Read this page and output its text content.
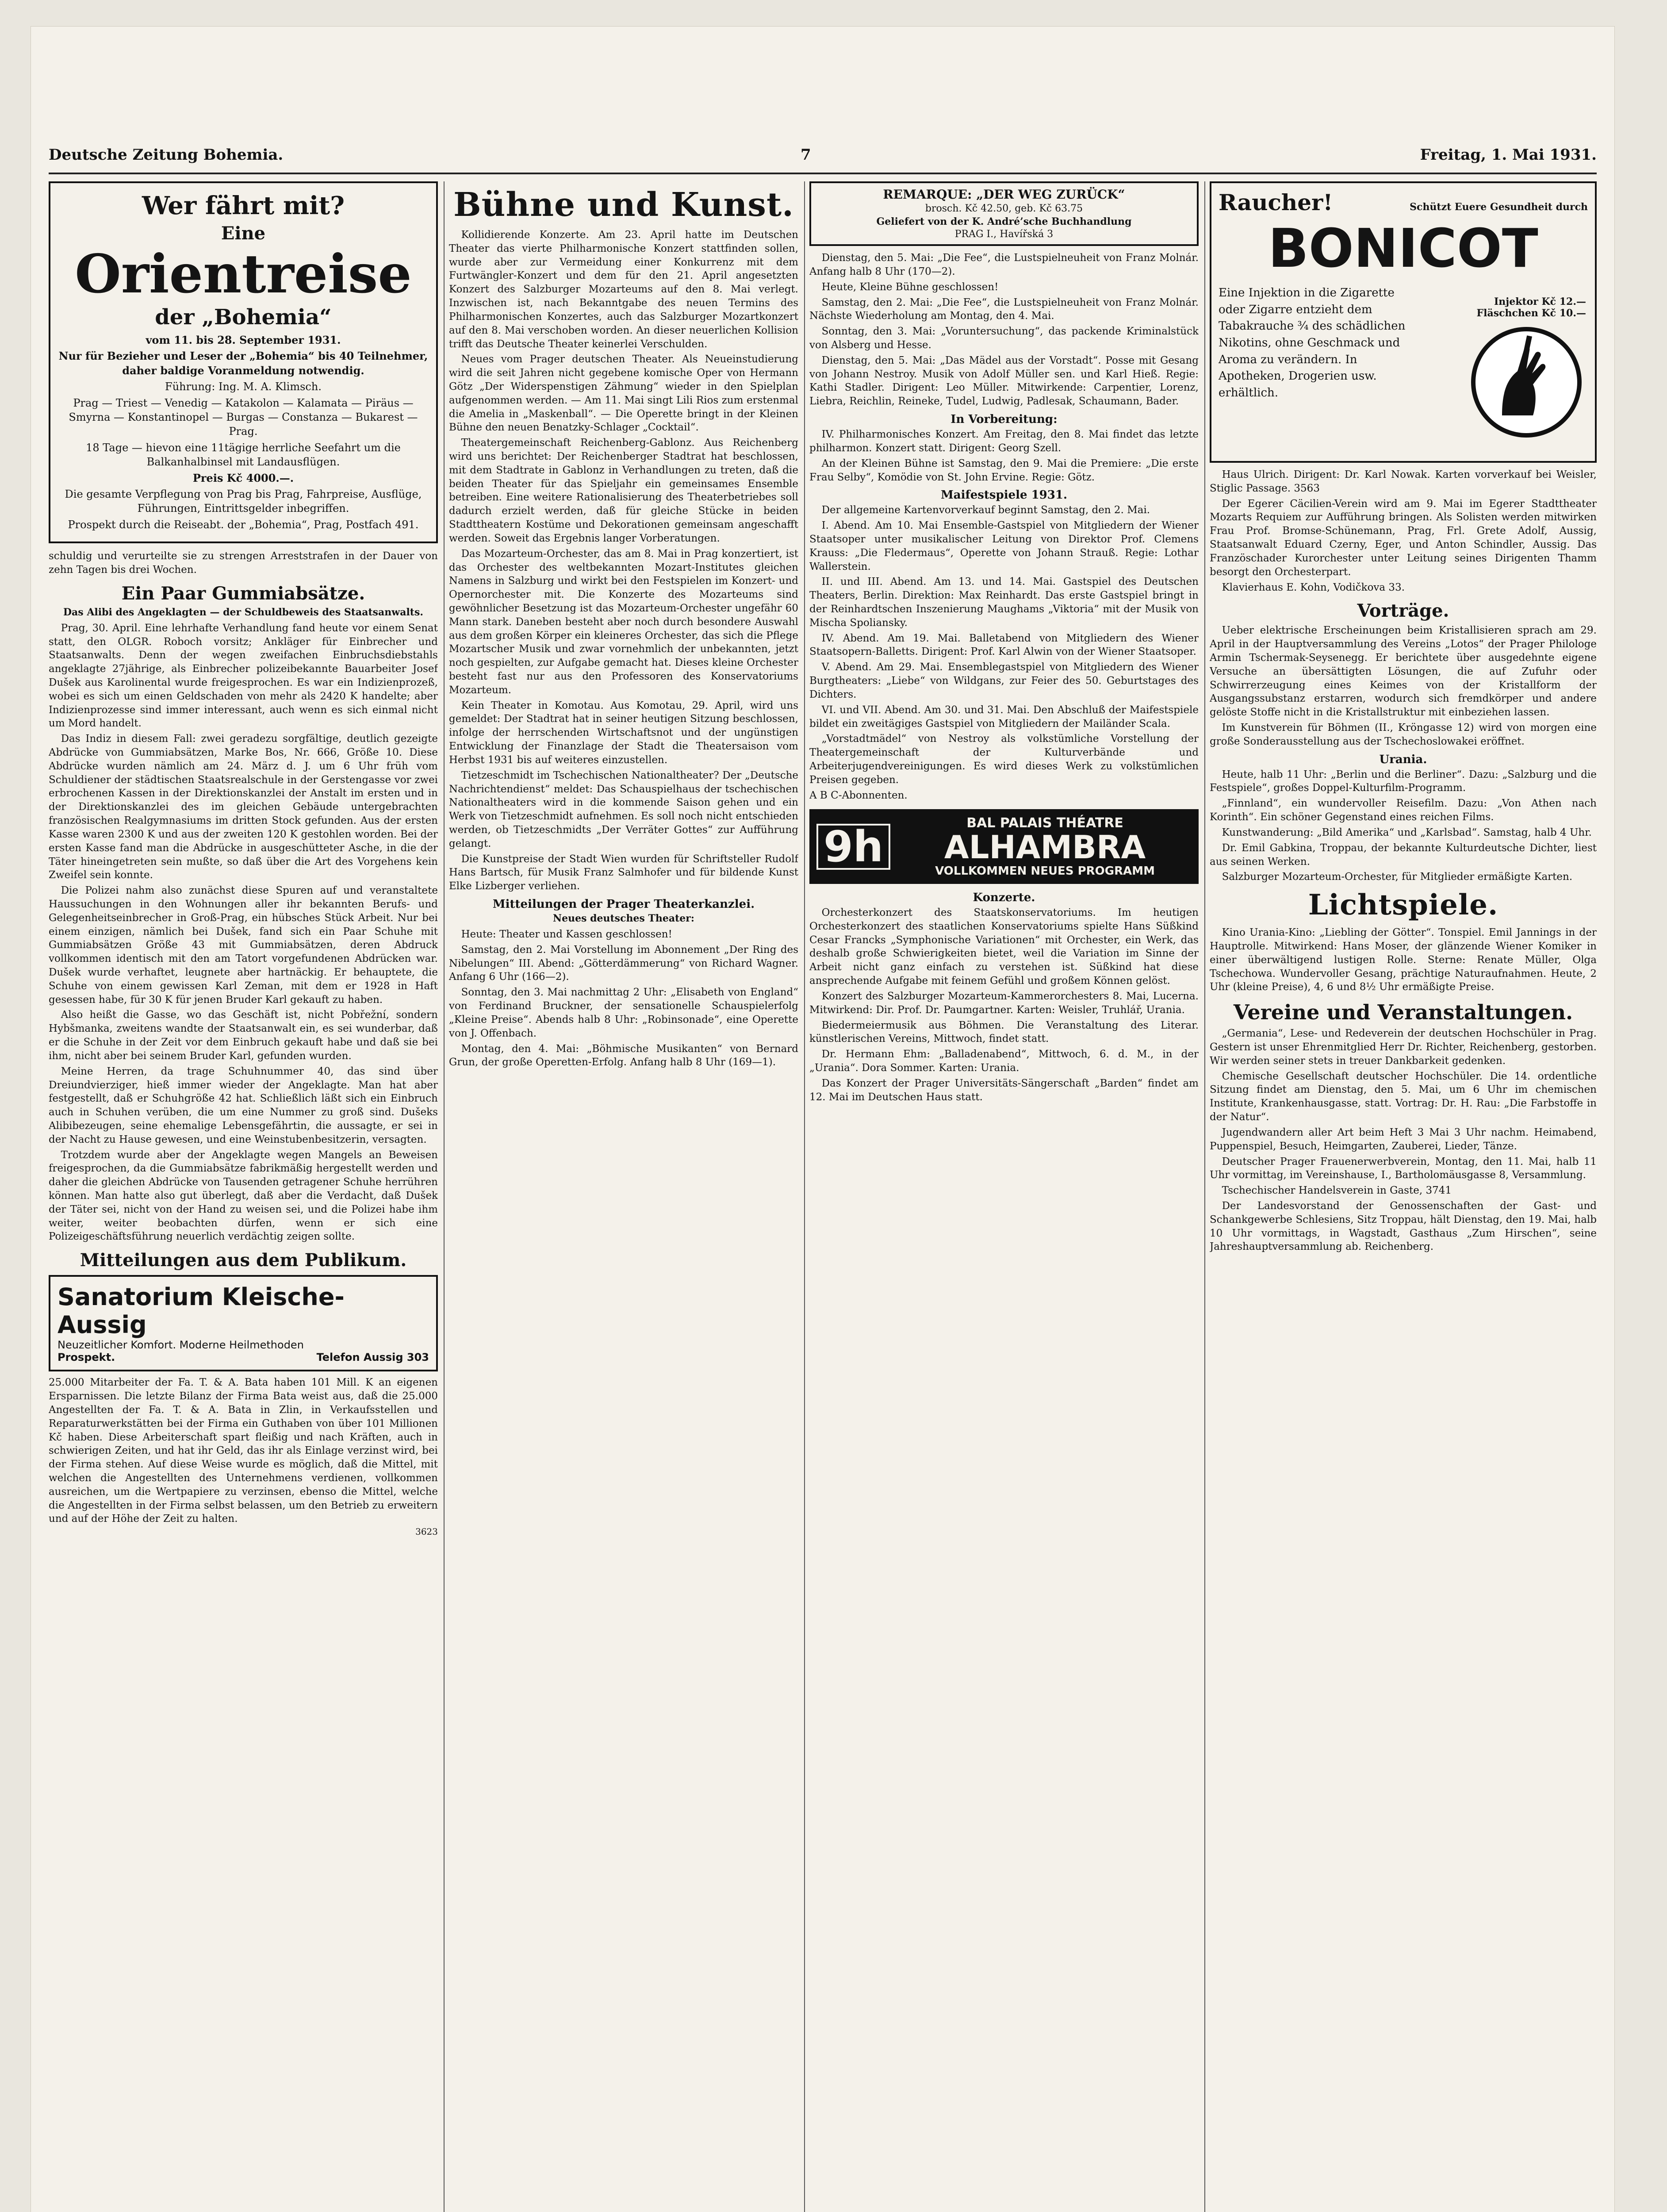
Deutsche Zeitung Bohemia.	7	Freitag, 1. Mai 1931.
Wer fährt mit?
Eine
Orientreise
der „Bohemia“
vom 11. bis 28. September 1931.
Nur für Bezieher und Leser der „Bohemia“ bis 40 Teilnehmer, daher baldige Voranmeldung notwendig.
Führung: Ing. M. A. Klimsch.
Prag — Triest — Venedig — Katakolon — Kalamata — Piräus — Smyrna — Konstantinopel — Burgas — Constanza — Bukarest — Prag.
18 Tage — hievon eine 11tägige herrliche Seefahrt um die Balkanhalbinsel mit Landausflügen.
Preis Kč 4000.—.
Die gesamte Verpflegung von Prag bis Prag, Fahrpreise, Ausflüge, Führungen, Eintrittsgelder inbegriffen.
Prospekt durch die Reiseabt. der „Bohemia“, Prag, Postfach 491.

schuldig und verurteilte sie zu strengen Arreststrafen in der Dauer von zehn Tagen bis drei Wochen.

Ein Paar Gummiabsätze.
Das Alibi des Angeklagten — der Schuldbeweis des Staatsanwalts.

Prag, 30. April. Eine lehrhafte Verhandlung fand heute vor einem Senat statt, den OLGR. Roboch vorsitz; Ankläger für Einbrecher und Staatsanwalts. Denn der wegen zweifachen Einbruchsdiebstahls angeklagte 27jährige, als Einbrecher polizeibekannte Bauarbeiter Josef Dušek aus Karolinental wurde freigesprochen. Es war ein Indizienprozeß, wobei es sich um einen Geldschaden von mehr als 2420 K handelte; aber Indizienprozesse sind immer interessant, auch wenn es sich einmal nicht um Mord handelt.

Das Indiz in diesem Fall: zwei geradezu sorgfältige, deutlich gezeigte Abdrücke von Gummiabsätzen, Marke Bos, Nr. 666, Größe 10. Diese Abdrücke wurden nämlich am 24. März d. J. um 6 Uhr früh vom Schuldiener der städtischen Staatsrealschule in der Gerstengasse vor zwei erbrochenen Kassen in der Direktionskanzlei der Anstalt im ersten und in der Direktionskanzlei des im gleichen Gebäude untergebrachten französischen Realgymnasiums im dritten Stock gefunden. Aus der ersten Kasse waren 2300 K und aus der zweiten 120 K gestohlen worden. Bei der ersten Kasse fand man die Abdrücke in ausgeschütteter Asche, in die der Täter hineingetreten sein mußte, so daß über die Art des Vorgehens kein Zweifel sein konnte.

Die Polizei nahm also zunächst diese Spuren auf und veranstaltete Haussuchungen in den Wohnungen aller ihr bekannten Berufs- und Gelegenheitseinbrecher in Groß-Prag, ein hübsches Stück Arbeit. Nur bei einem einzigen, nämlich bei Dušek, fand sich ein Paar Schuhe mit Gummiabsätzen Größe 43 mit Gummiabsätzen, deren Abdruck vollkommen identisch mit den am Tatort vorgefundenen Abdrücken war. Dušek wurde verhaftet, leugnete aber hartnäckig. Er behauptete, die Schuhe von einem gewissen Karl Zeman, mit dem er 1928 in Haft gesessen habe, für 30 K für jenen Bruder Karl gekauft zu haben.

Also heißt die Gasse, wo das Geschäft ist, nicht Pobřežní, sondern Hybšmanka, zweitens wandte der Staatsanwalt ein, es sei wunderbar, daß er die Schuhe in der Zeit vor dem Einbruch gekauft habe und daß sie bei ihm, nicht aber bei seinem Bruder Karl, gefunden wurden.

Meine Herren, da trage Schuhnummer 40, das sind über Dreiundvierziger, hieß immer wieder der Angeklagte. Man hat aber festgestellt, daß er Schuhgröße 42 hat. Schließlich läßt sich ein Einbruch auch in Schuhen verüben, die um eine Nummer zu groß sind. Dušeks Alibibezeugen, seine ehemalige Lebensgefährtin, die aussagte, er sei in der Nacht zu Hause gewesen, und eine Weinstubenbesitzerin, versagten.

Trotzdem wurde aber der Angeklagte wegen Mangels an Beweisen freigesprochen, da die Gummiabsätze fabrikmäßig hergestellt werden und daher die gleichen Abdrücke von Tausenden getragener Schuhe herrühren können. Man hatte also gut überlegt, daß aber die Verdacht, daß Dušek der Täter sei, nicht von der Hand zu weisen sei, und die Polizei habe ihm weiter, weiter beobachten dürfen, wenn er sich eine Polizeigeschäftsführung neuerlich verdächtig zeigen sollte.

Mitteilungen aus dem Publikum.
Sanatorium Kleische-Aussig
Neuzeitlicher Komfort. Moderne Heilmethoden
Prospekt.	Telefon Aussig 303

25.000 Mitarbeiter der Fa. T. & A. Bata haben 101 Mill. K an eigenen Ersparnissen. Die letzte Bilanz der Firma Bata weist aus, daß die 25.000 Angestellten der Fa. T. & A. Bata in Zlin, in Verkaufsstellen und Reparaturwerkstätten bei der Firma ein Guthaben von über 101 Millionen Kč haben. Diese Arbeiterschaft spart fleißig und nach Kräften, auch in schwierigen Zeiten, und hat ihr Geld, das ihr als Einlage verzinst wird, bei der Firma stehen. Auf diese Weise wurde es möglich, daß die Mittel, mit welchen die Angestellten des Unternehmens verdienen, vollkommen ausreichen, um die Wertpapiere zu verzinsen, ebenso die Mittel, welche die Angestellten in der Firma selbst belassen, um den Betrieb zu erweitern und auf der Höhe der Zeit zu halten.

3623
Bühne und Kunst.

Kollidierende Konzerte. Am 23. April hatte im Deutschen Theater das vierte Philharmonische Konzert stattfinden sollen, wurde aber zur Vermeidung einer Konkurrenz mit dem Furtwängler-Konzert und dem für den 21. April angesetzten Konzert des Salzburger Mozarteums auf den 8. Mai verlegt. Inzwischen ist, nach Bekanntgabe des neuen Termins des Philharmonischen Konzertes, auch das Salzburger Mozartkonzert auf den 8. Mai verschoben worden. An dieser neuerlichen Kollision trifft das Deutsche Theater keinerlei Verschulden.

Neues vom Prager deutschen Theater. Als Neueinstudierung wird die seit Jahren nicht gegebene komische Oper von Hermann Götz „Der Widerspenstigen Zähmung“ wieder in den Spielplan aufgenommen werden. — Am 11. Mai singt Lili Rios zum erstenmal die Amelia in „Maskenball“. — Die Operette bringt in der Kleinen Bühne den neuen Benatzky-Schlager „Cocktail“.

Theatergemeinschaft Reichenberg-Gablonz. Aus Reichenberg wird uns berichtet: Der Reichenberger Stadtrat hat beschlossen, mit dem Stadtrate in Gablonz in Verhandlungen zu treten, daß die beiden Theater für das Spieljahr ein gemeinsames Ensemble betreiben. Eine weitere Rationalisierung des Theaterbetriebes soll dadurch erzielt werden, daß für gleiche Stücke in beiden Stadttheatern Kostüme und Dekorationen gemeinsam angeschafft werden. Soweit das Ergebnis langer Vorberatungen.

Das Mozarteum-Orchester, das am 8. Mai in Prag konzertiert, ist das Orchester des weltbekannten Mozart-Institutes gleichen Namens in Salzburg und wirkt bei den Festspielen im Konzert- und Opernorchester mit. Die Konzerte des Mozarteums sind gewöhnlicher Besetzung ist das Mozarteum-Orchester ungefähr 60 Mann stark. Daneben besteht aber noch durch besondere Auswahl aus dem großen Körper ein kleineres Orchester, das sich die Pflege Mozartscher Musik und zwar vornehmlich der unbekannten, jetzt noch gespielten, zur Aufgabe gemacht hat. Dieses kleine Orchester besteht fast nur aus den Professoren des Konservatoriums Mozarteum.

Kein Theater in Komotau. Aus Komotau, 29. April, wird uns gemeldet: Der Stadtrat hat in seiner heutigen Sitzung beschlossen, infolge der herrschenden Wirtschaftsnot und der ungünstigen Entwicklung der Finanzlage der Stadt die Theatersaison vom Herbst 1931 bis auf weiteres einzustellen.

Tietzeschmidt im Tschechischen Nationaltheater? Der „Deutsche Nachrichtendienst“ meldet: Das Schauspielhaus der tschechischen Nationaltheaters wird in die kommende Saison gehen und ein Werk von Tietzeschmidt aufnehmen. Es soll noch nicht entschieden werden, ob Tietzeschmidts „Der Verräter Gottes“ zur Aufführung gelangt.

Die Kunstpreise der Stadt Wien wurden für Schriftsteller Rudolf Hans Bartsch, für Musik Franz Salmhofer und für bildende Kunst Elke Lizberger verliehen.

Mitteilungen der Prager Theaterkanzlei.
Neues deutsches Theater:

Heute: Theater und Kassen geschlossen!

Samstag, den 2. Mai Vorstellung im Abonnement „Der Ring des Nibelungen“ III. Abend: „Götterdämmerung“ von Richard Wagner. Anfang 6 Uhr (166—2).

Sonntag, den 3. Mai nachmittag 2 Uhr: „Elisabeth von England“ von Ferdinand Bruckner, der sensationelle Schauspielerfolg „Kleine Preise“. Abends halb 8 Uhr: „Robinsonade“, eine Operette von J. Offenbach.

Montag, den 4. Mai: „Böhmische Musikanten“ von Bernard Grun, der große Operetten-Erfolg. Anfang halb 8 Uhr (169—1).

REMARQUE: „DER WEG ZURÜCK“
brosch. Kč 42.50, geb. Kč 63.75
Geliefert von der K. André’sche Buchhandlung
PRAG I., Havířská 3

Dienstag, den 5. Mai: „Die Fee“, die Lustspielneuheit von Franz Molnár. Anfang halb 8 Uhr (170—2).

Heute, Kleine Bühne geschlossen!

Samstag, den 2. Mai: „Die Fee“, die Lustspielneuheit von Franz Molnár. Nächste Wiederholung am Montag, den 4. Mai.

Sonntag, den 3. Mai: „Voruntersuchung“, das packende Kriminalstück von Alsberg und Hesse.

Dienstag, den 5. Mai: „Das Mädel aus der Vorstadt“. Posse mit Gesang von Johann Nestroy. Musik von Adolf Müller sen. und Karl Hieß. Regie: Kathi Stadler. Dirigent: Leo Müller. Mitwirkende: Carpentier, Lorenz, Liebra, Reichlin, Reineke, Tudel, Ludwig, Padlesak, Schaumann, Bader.

In Vorbereitung:

IV. Philharmonisches Konzert. Am Freitag, den 8. Mai findet das letzte philharmon. Konzert statt. Dirigent: Georg Szell.

An der Kleinen Bühne ist Samstag, den 9. Mai die Premiere: „Die erste Frau Selby“, Komödie von St. John Ervine. Regie: Götz.

Maifestspiele 1931.

Der allgemeine Kartenvorverkauf beginnt Samstag, den 2. Mai.

I. Abend. Am 10. Mai Ensemble-Gastspiel von Mitgliedern der Wiener Staatsoper unter musikalischer Leitung von Direktor Prof. Clemens Krauss: „Die Fledermaus“, Operette von Johann Strauß. Regie: Lothar Wallerstein.

II. und III. Abend. Am 13. und 14. Mai. Gastspiel des Deutschen Theaters, Berlin. Direktion: Max Reinhardt. Das erste Gastspiel bringt in der Reinhardtschen Inszenierung Maughams „Viktoria“ mit der Musik von Mischa Spoliansky.

IV. Abend. Am 19. Mai. Balletabend von Mitgliedern des Wiener Staatsopern-Balletts. Dirigent: Prof. Karl Alwin von der Wiener Staatsoper.

V. Abend. Am 29. Mai. Ensemblegastspiel von Mitgliedern des Wiener Burgtheaters: „Liebe“ von Wildgans, zur Feier des 50. Geburtstages des Dichters.

VI. und VII. Abend. Am 30. und 31. Mai. Den Abschluß der Maifestspiele bildet ein zweitägiges Gastspiel von Mitgliedern der Mailänder Scala.

„Vorstadtmädel“ von Nestroy als volkstümliche Vorstellung der Theatergemeinschaft der Kulturverbände und Arbeiterjugendvereinigungen. Es wird dieses Werk zu volkstümlichen Preisen gegeben.

A B C-Abonnenten.

9h	BAL PALAIS THÉATRE
ALHAMBRA
VOLLKOMMEN NEUES PROGRAMM
Konzerte.

Orchesterkonzert des Staatskonservatoriums. Im heutigen Orchesterkonzert des staatlichen Konservatoriums spielte Hans Süßkind Cesar Francks „Symphonische Variationen“ mit Orchester, ein Werk, das deshalb große Schwierigkeiten bietet, weil die Variation im Sinne der Arbeit nicht ganz einfach zu verstehen ist. Süßkind hat diese ansprechende Aufgabe mit feinem Gefühl und großem Können gelöst.

Konzert des Salzburger Mozarteum-Kammerorchesters 8. Mai, Lucerna. Mitwirkend: Dir. Prof. Dr. Paumgartner. Karten: Weisler, Truhlář, Urania.

Biedermeiermusik aus Böhmen. Die Veranstaltung des Literar. künstlerischen Vereins, Mittwoch, findet statt.

Dr. Hermann Ehm: „Balladenabend“, Mittwoch, 6. d. M., in der „Urania“. Dora Sommer. Karten: Urania.

Das Konzert der Prager Universitäts-Sängerschaft „Barden“ findet am 12. Mai im Deutschen Haus statt.

Raucher!	Schützt Euere Gesundheit durch
BONICOT
Eine Injektion in die Zigarette oder Zigarre entzieht dem Tabakrauche ¾ des schädlichen Nikotins, ohne Geschmack und Aroma zu verändern. In Apotheken, Drogerien usw. erhältlich.
Injektor Kč 12.—
Fläschchen Kč 10.—

Haus Ulrich. Dirigent: Dr. Karl Nowak. Karten vorverkauf bei Weisler, Stiglic Passage. 3563

Der Egerer Cäcilien-Verein wird am 9. Mai im Egerer Stadttheater Mozarts Requiem zur Aufführung bringen. Als Solisten werden mitwirken Frau Prof. Bromse-Schünemann, Prag, Frl. Grete Adolf, Aussig, Staatsanwalt Eduard Czerny, Eger, und Anton Schindler, Aussig. Das Französchader Kurorchester unter Leitung seines Dirigenten Thamm besorgt den Orchesterpart.

Klavierhaus E. Kohn, Vodičkova 33.

Vorträge.

Ueber elektrische Erscheinungen beim Kristallisieren sprach am 29. April in der Hauptversammlung des Vereins „Lotos“ der Prager Philologe Armin Tschermak-Seysenegg. Er berichtete über ausgedehnte eigene Versuche an übersättigten Lösungen, die auf Zufuhr oder Schwirrerzeugung eines Keimes von der Kristallform der Ausgangssubstanz erstarren, wodurch sich fremdkörper und andere gelöste Stoffe nicht in die Kristallstruktur mit einbeziehen lassen.

Im Kunstverein für Böhmen (II., Kröngasse 12) wird von morgen eine große Sonderausstellung aus der Tschechoslowakei eröffnet.

Urania.

Heute, halb 11 Uhr: „Berlin und die Berliner“. Dazu: „Salzburg und die Festspiele“, großes Doppel-Kulturfilm-Programm.

„Finnland“, ein wundervoller Reisefilm. Dazu: „Von Athen nach Korinth“. Ein schöner Gegenstand eines reichen Films.

Kunstwanderung: „Bild Amerika“ und „Karlsbad“. Samstag, halb 4 Uhr.

Dr. Emil Gabkina, Troppau, der bekannte Kulturdeutsche Dichter, liest aus seinen Werken.

Salzburger Mozarteum-Orchester, für Mitglieder ermäßigte Karten.

Lichtspiele.

Kino Urania-Kino: „Liebling der Götter“. Tonspiel. Emil Jannings in der Hauptrolle. Mitwirkend: Hans Moser, der glänzende Wiener Komiker in einer überwältigend lustigen Rolle. Sterne: Renate Müller, Olga Tschechowa. Wundervoller Gesang, prächtige Naturaufnahmen. Heute, 2 Uhr (kleine Preise), 4, 6 und 8½ Uhr ermäßigte Preise.

Vereine und Veranstaltungen.

„Germania“, Lese- und Redeverein der deutschen Hochschüler in Prag. Gestern ist unser Ehrenmitglied Herr Dr. Richter, Reichenberg, gestorben. Wir werden seiner stets in treuer Dankbarkeit gedenken.

Chemische Gesellschaft deutscher Hochschüler. Die 14. ordentliche Sitzung findet am Dienstag, den 5. Mai, um 6 Uhr im chemischen Institute, Krankenhausgasse, statt. Vortrag: Dr. H. Rau: „Die Farbstoffe in der Natur“.

Jugendwandern aller Art beim Heft 3 Mai 3 Uhr nachm. Heimabend, Puppenspiel, Besuch, Heimgarten, Zauberei, Lieder, Tänze.

Deutscher Prager Frauenerwerbverein, Montag, den 11. Mai, halb 11 Uhr vormittag, im Vereinshause, I., Bartholomäusgasse 8, Versammlung.

Tschechischer Handelsverein in Gaste, 3741

Der Landesvorstand der Genossenschaften der Gast- und Schankgewerbe Schlesiens, Sitz Troppau, hält Dienstag, den 19. Mai, halb 10 Uhr vormittags, in Wagstadt, Gasthaus „Zum Hirschen“, seine Jahreshauptversammlung ab. Reichenberg.
